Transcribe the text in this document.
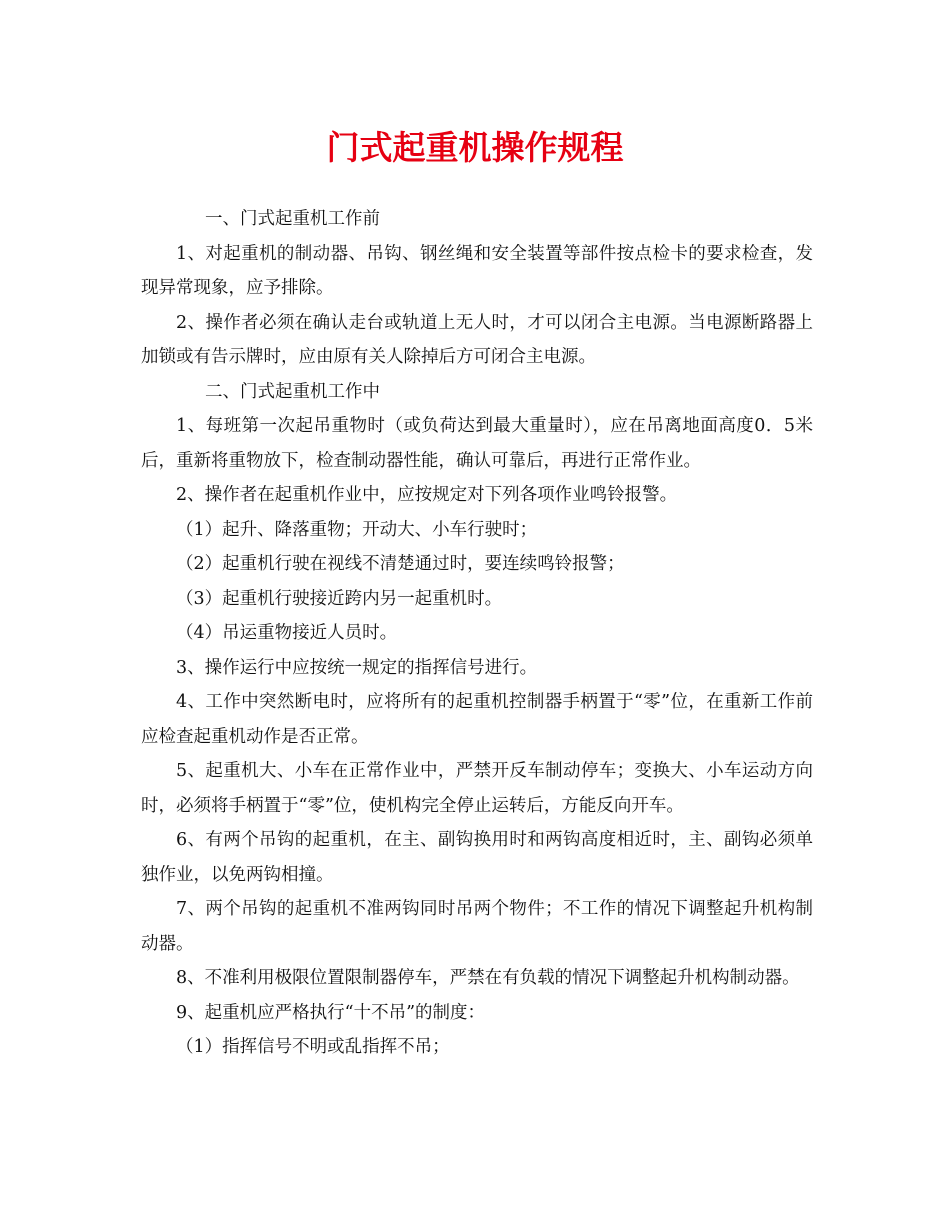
门式起重机操作规程

一、门式起重机工作前

1、对起重机的制动器、吊钩、钢丝绳和安全装置等部件按点检卡的要求检查，发现异常现象，应予排除。

2、操作者必须在确认走台或轨道上无人时，才可以闭合主电源。当电源断路器上加锁或有告示牌时，应由原有关人除掉后方可闭合主电源。

二、门式起重机工作中

1、每班第一次起吊重物时（或负荷达到最大重量时），应在吊离地面高度0．5米后，重新将重物放下，检查制动器性能，确认可靠后，再进行正常作业。

2、操作者在起重机作业中，应按规定对下列各项作业鸣铃报警。

（1）起升、降落重物；开动大、小车行驶时；

（2）起重机行驶在视线不清楚通过时，要连续鸣铃报警；

（3）起重机行驶接近跨内另一起重机时。

（4）吊运重物接近人员时。

3、操作运行中应按统一规定的指挥信号进行。

4、工作中突然断电时，应将所有的起重机控制器手柄置于“零”位，在重新工作前应检查起重机动作是否正常。

5、起重机大、小车在正常作业中，严禁开反车制动停车；变换大、小车运动方向时，必须将手柄置于“零”位，使机构完全停止运转后，方能反向开车。

6、有两个吊钩的起重机，在主、副钩换用时和两钩高度相近时，主、副钩必须单独作业，以免两钩相撞。

7、两个吊钩的起重机不准两钩同时吊两个物件；不工作的情况下调整起升机构制动器。

8、不准利用极限位置限制器停车，严禁在有负载的情况下调整起升机构制动器。

9、起重机应严格执行“十不吊”的制度：

（1）指挥信号不明或乱指挥不吊；
